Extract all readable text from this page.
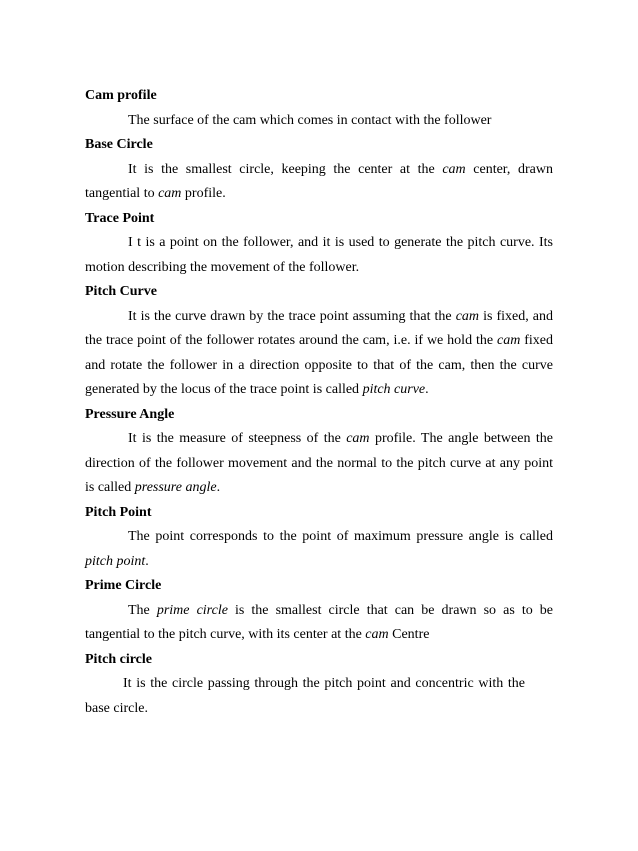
Cam profile

The surface of the cam which comes in contact with the follower

Base Circle

It is the smallest circle, keeping the center at the cam center, drawn tangential to cam profile.

Trace Point

I t is a point on the follower, and it is used to generate the pitch curve. Its motion describing the movement of the follower.

Pitch Curve

It is the curve drawn by the trace point assuming that the cam is fixed, and the trace point of the follower rotates around the cam, i.e. if we hold the cam fixed and rotate the follower in a direction opposite to that of the cam, then the curve generated by the locus of the trace point is called pitch curve.

Pressure Angle

It is the measure of steepness of the cam profile. The angle between the direction of the follower movement and the normal to the pitch curve at any point is called pressure angle.

Pitch Point

The point corresponds to the point of maximum pressure angle is called pitch point.

Prime Circle

The prime circle is the smallest circle that can be drawn so as to be tangential to the pitch curve, with its center at the cam Centre

Pitch circle

It is the circle passing through the pitch point and concentric with the base circle.
